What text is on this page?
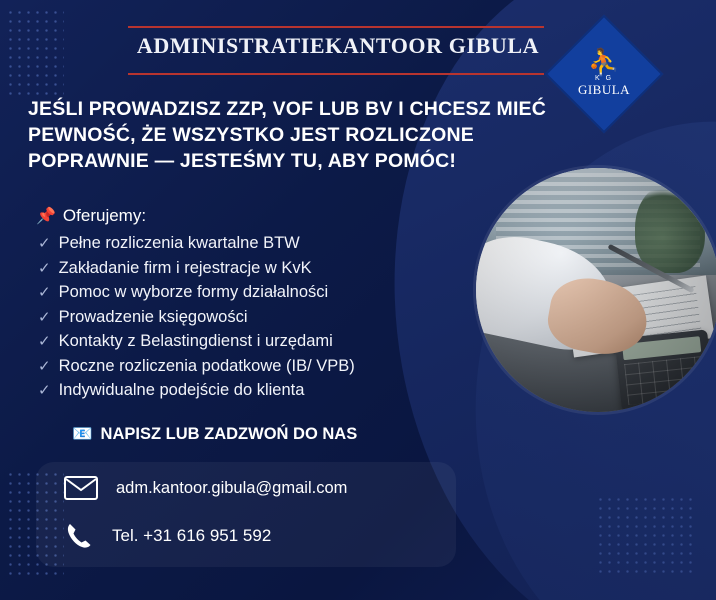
ADMINISTRATIEKANTOOR GIBULA
⛹
K G
GIBULA
JEŚLI PROWADZISZ ZZP, VOF LUB BV I CHCESZ MIEĆ PEWNOŚĆ, ŻE WSZYSTKO JEST ROZLICZONE POPRAWNIE — JESTEŚMY TU, ABY POMÓC!
📌 Oferujemy:
✓ Pełne rozliczenia kwartalne BTW
✓ Zakładanie firm i rejestracje w KvK
✓ Pomoc w wyborze formy działalności
✓ Prowadzenie księgowości
✓ Kontakty z Belastingdienst i urzędami
✓ Roczne rozliczenia podatkowe (IB/ VPB)
✓ Indywidualne podejście do klienta
📧 NAPISZ LUB ZADZWOŃ DO NAS
adm.kantoor.gibula@gmail.com
Tel. +31 616 951 592
